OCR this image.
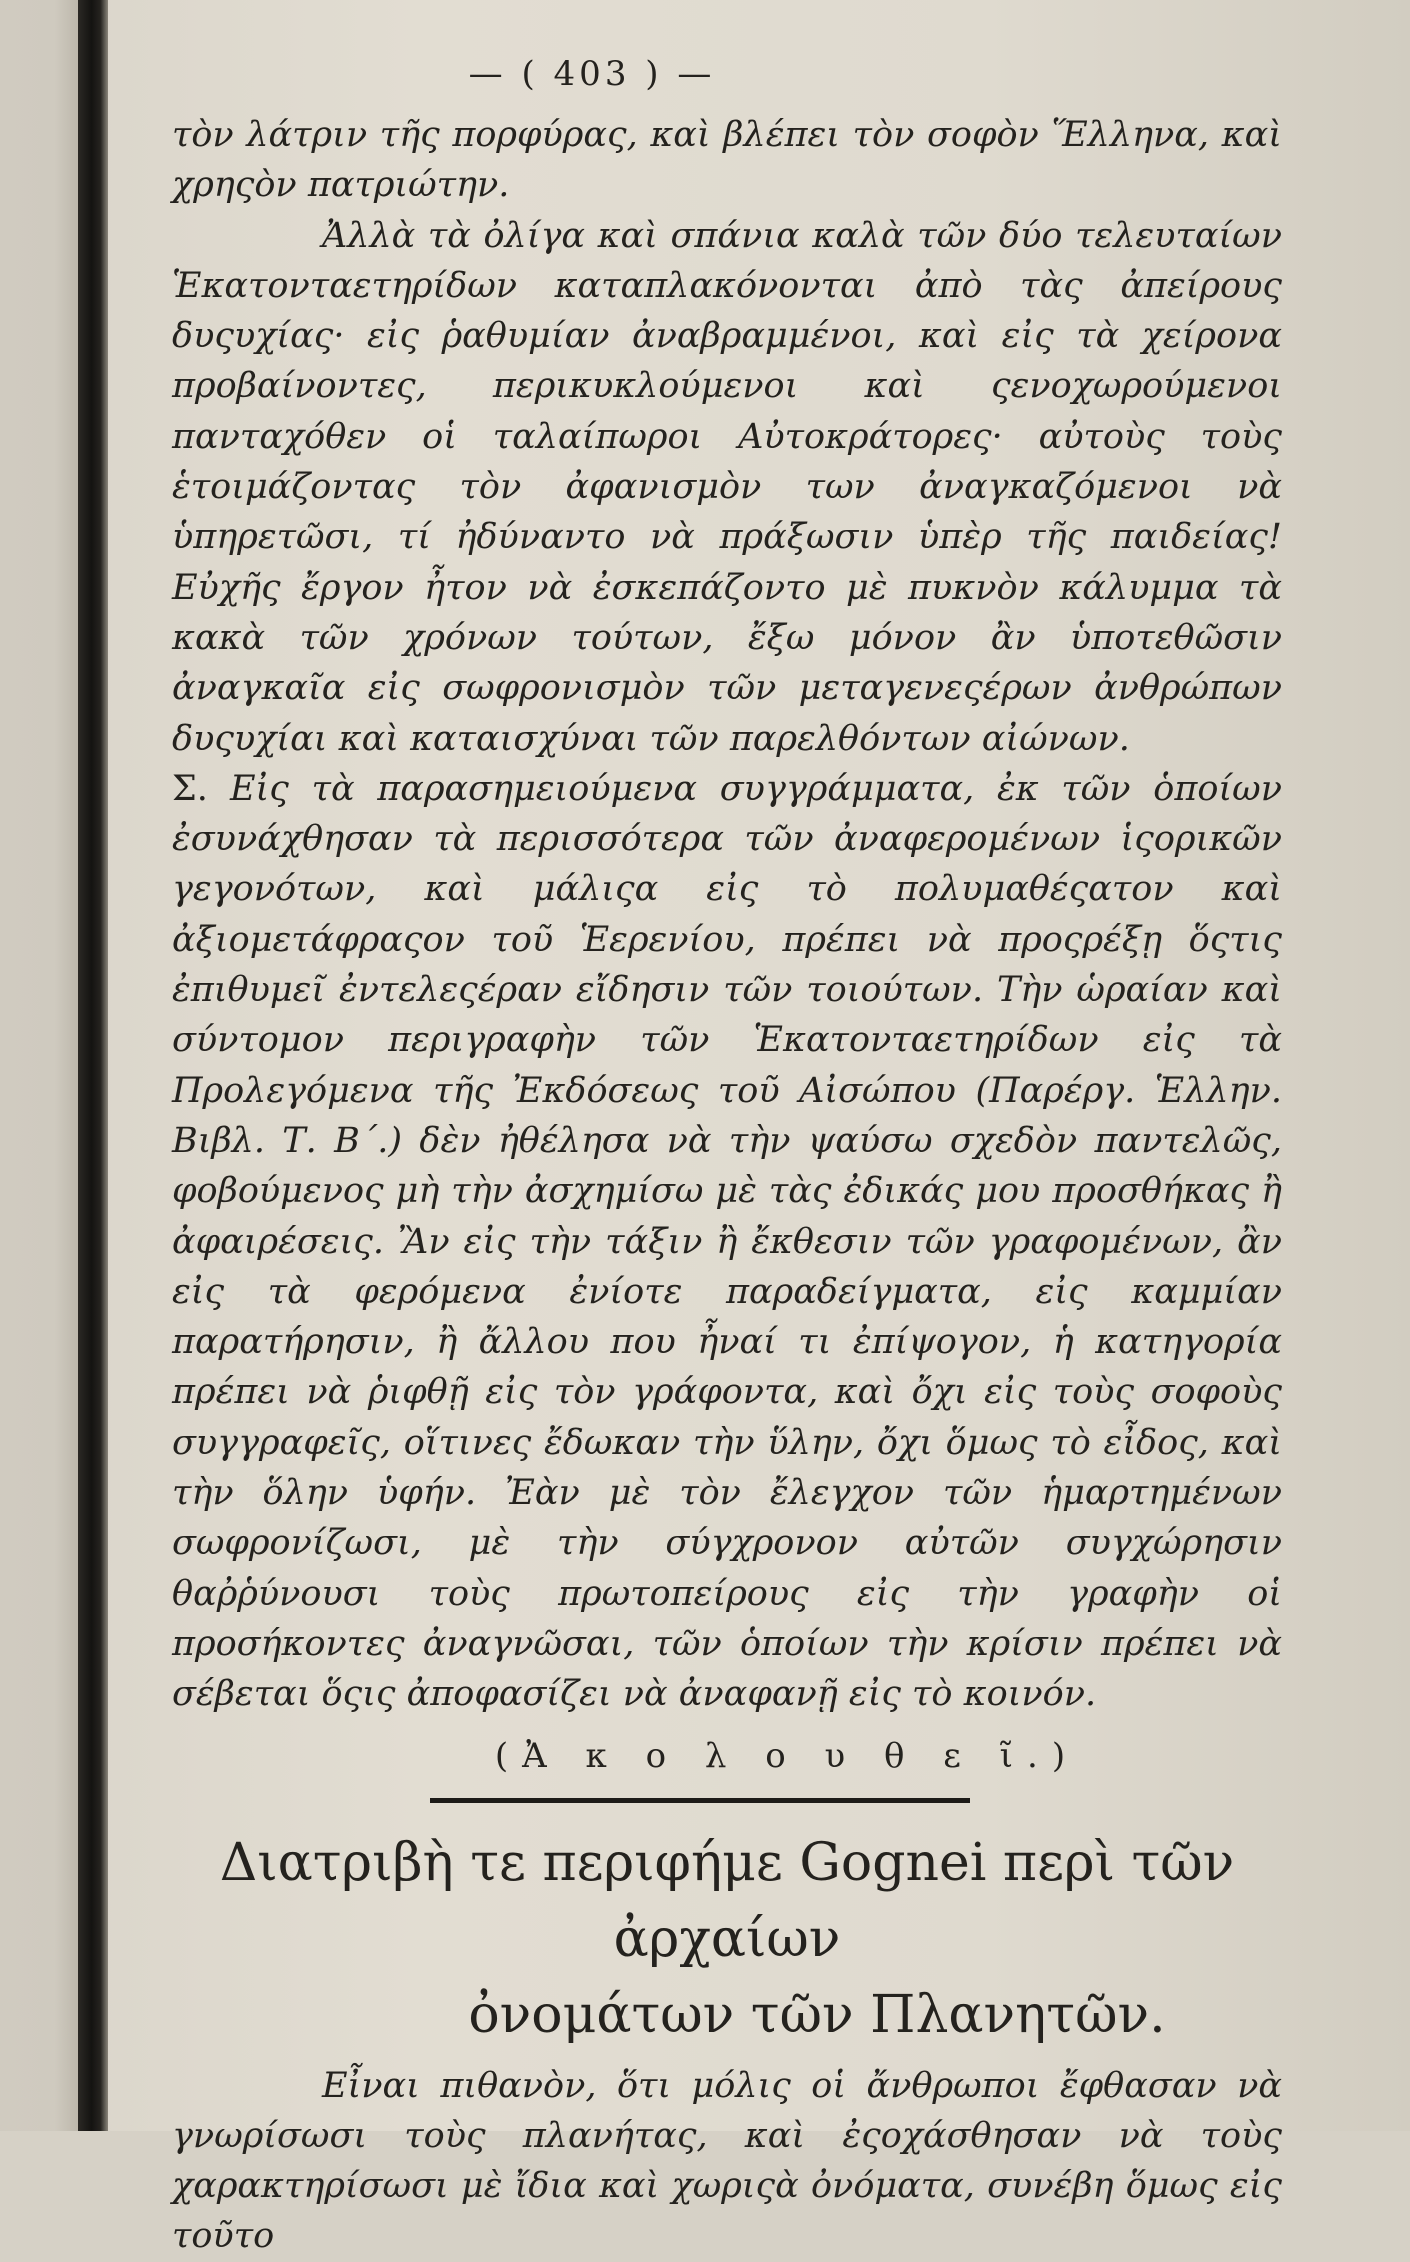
— ( 403 ) —

τὸν λάτριν τῆς πορφύρας, καὶ βλέπει τὸν σοφὸν Ἕλληνα, καὶ χρηςὸν πατριώτην.

Ἀλλὰ τὰ ὀλίγα καὶ σπάνια καλὰ τῶν δύο τελευταίων Ἑκατονταετηρίδων καταπλακόνονται ἀπὸ τὰς ἀπείρους δυςυχίας· εἰς ῥαθυμίαν ἀναβραμμένοι, καὶ εἰς τὰ χείρονα προβαίνοντες, περικυκλούμενοι καὶ ςενοχωρούμενοι πανταχόθεν οἱ ταλαίπωροι Αὐτοκράτορες· αὐτοὺς τοὺς ἑτοιμάζοντας τὸν ἀφανισμὸν των ἀναγκαζόμενοι νὰ ὑπηρετῶσι, τί ἠδύναντο νὰ πράξωσιν ὑπὲρ τῆς παιδείας! Εὐχῆς ἔργον ἦτον νὰ ἐσκεπάζοντο μὲ πυκνὸν κάλυμμα τὰ κακὰ τῶν χρόνων τούτων, ἔξω μόνον ἂν ὑποτεθῶσιν ἀναγκαῖα εἰς σωφρονισμὸν τῶν μεταγενεςέρων ἀνθρώπων δυςυχίαι καὶ καταισχύναι τῶν παρελθόντων αἰώνων.

Σ. Εἰς τὰ παρασημειούμενα συγγράμματα, ἐκ τῶν ὁποίων ἐσυνάχθησαν τὰ περισσότερα τῶν ἀναφερομένων ἱςορικῶν γεγονότων, καὶ μάλιςα εἰς τὸ πολυμαθέςατον καὶ ἀξιομετάφραςον τοῦ Ἑερενίου, πρέπει νὰ προςρέξῃ ὅςτις ἐπιθυμεῖ ἐντελεςέραν εἴδησιν τῶν τοιούτων. Τὴν ὡραίαν καὶ σύντομον περιγραφὴν τῶν Ἑκατονταετηρίδων εἰς τὰ Προλεγόμενα τῆς Ἐκδόσεως τοῦ Αἰσώπου (Παρέργ. Ἑλλην. Βιβλ. Τ. Β΄.) δὲν ἠθέλησα νὰ τὴν ψαύσω σχεδὸν παντελῶς, φοβούμενος μὴ τὴν ἀσχημίσω μὲ τὰς ἐδικάς μου προσθήκας ἢ ἀφαιρέσεις. Ἂν εἰς τὴν τάξιν ἢ ἔκθεσιν τῶν γραφομένων, ἂν εἰς τὰ φερόμενα ἐνίοτε παραδείγματα, εἰς καμμίαν παρατήρησιν, ἢ ἄλλου που ἦναί τι ἐπίψογον, ἡ κατηγορία πρέπει νὰ ῥιφθῇ εἰς τὸν γράφοντα, καὶ ὄχι εἰς τοὺς σοφοὺς συγγραφεῖς, οἵτινες ἔδωκαν τὴν ὕλην, ὄχι ὅμως τὸ εἶδος, καὶ τὴν ὅλην ὑφήν. Ἐὰν μὲ τὸν ἔλεγχον τῶν ἡμαρτημένων σωφρονίζωσι, μὲ τὴν σύγχρονον αὐτῶν συγχώρησιν θαῤῥύνουσι τοὺς πρωτοπείρους εἰς τὴν γραφὴν οἱ προσήκοντες ἀναγνῶσαι, τῶν ὁποίων τὴν κρίσιν πρέπει νὰ σέβεται ὅςις ἀποφασίζει νὰ ἀναφανῇ εἰς τὸ κοινόν.

(Ἀ κ ο λ ο υ θ ε ῖ.)
Διατριβὴ τε περιφήμε Gognei περὶ τῶν ἀρχαίων
ὀνομάτων τῶν Πλανητῶν.

Εἶναι πιθανὸν, ὅτι μόλις οἱ ἄνθρωποι ἔφθασαν νὰ γνωρίσωσι τοὺς πλανήτας, καὶ ἐςοχάσθησαν νὰ τοὺς χαρακτηρίσωσι μὲ ἴδια καὶ χωριςὰ ὀνόματα, συνέβη ὅμως εἰς τοῦτο
